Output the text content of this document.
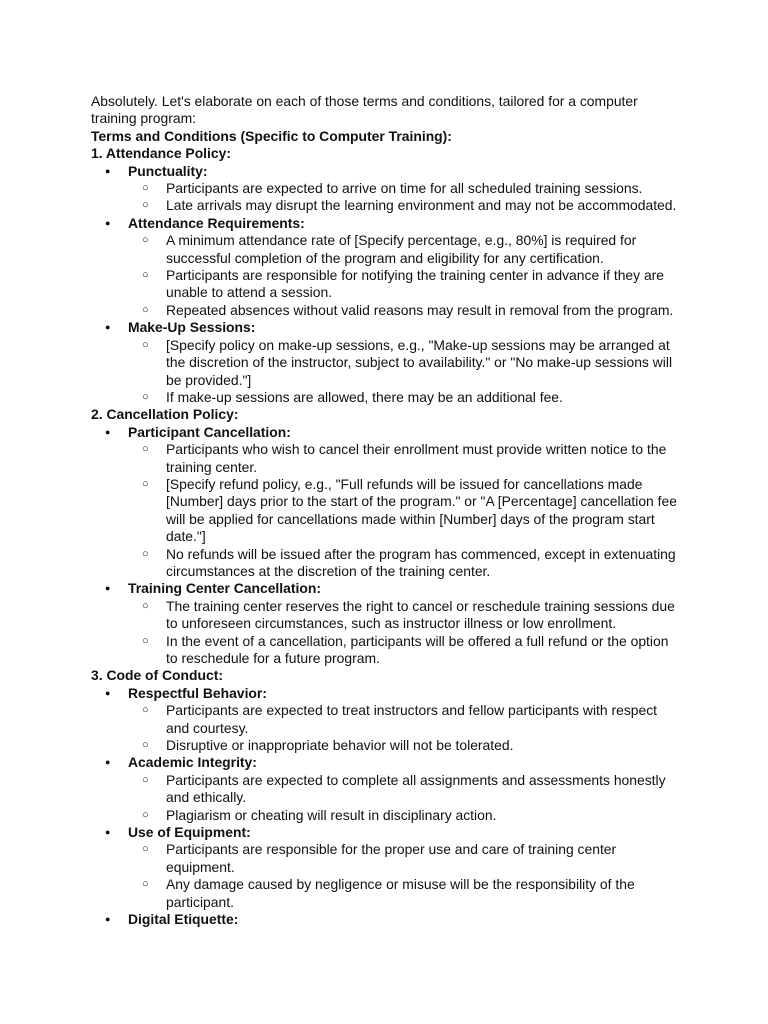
Absolutely. Let's elaborate on each of those terms and conditions, tailored for a computer training program:

Terms and Conditions (Specific to Computer Training):

1. Attendance Policy:

● Punctuality:
○ Participants are expected to arrive on time for all scheduled training sessions.
○ Late arrivals may disrupt the learning environment and may not be accommodated.
● Attendance Requirements:
○ A minimum attendance rate of [Specify percentage, e.g., 80%] is required for successful completion of the program and eligibility for any certification.
○ Participants are responsible for notifying the training center in advance if they are unable to attend a session.
○ Repeated absences without valid reasons may result in removal from the program.
● Make-Up Sessions:
○ [Specify policy on make-up sessions, e.g., "Make-up sessions may be arranged at the discretion of the instructor, subject to availability." or "No make-up sessions will be provided."]
○ If make-up sessions are allowed, there may be an additional fee.

2. Cancellation Policy:

● Participant Cancellation:
○ Participants who wish to cancel their enrollment must provide written notice to the training center.
○ [Specify refund policy, e.g., "Full refunds will be issued for cancellations made [Number] days prior to the start of the program." or "A [Percentage] cancellation fee will be applied for cancellations made within [Number] days of the program start date."]
○ No refunds will be issued after the program has commenced, except in extenuating circumstances at the discretion of the training center.
● Training Center Cancellation:
○ The training center reserves the right to cancel or reschedule training sessions due to unforeseen circumstances, such as instructor illness or low enrollment.
○ In the event of a cancellation, participants will be offered a full refund or the option to reschedule for a future program.

3. Code of Conduct:

● Respectful Behavior:
○ Participants are expected to treat instructors and fellow participants with respect and courtesy.
○ Disruptive or inappropriate behavior will not be tolerated.
● Academic Integrity:
○ Participants are expected to complete all assignments and assessments honestly and ethically.
○ Plagiarism or cheating will result in disciplinary action.
● Use of Equipment:
○ Participants are responsible for the proper use and care of training center equipment.
○ Any damage caused by negligence or misuse will be the responsibility of the participant.
● Digital Etiquette:
